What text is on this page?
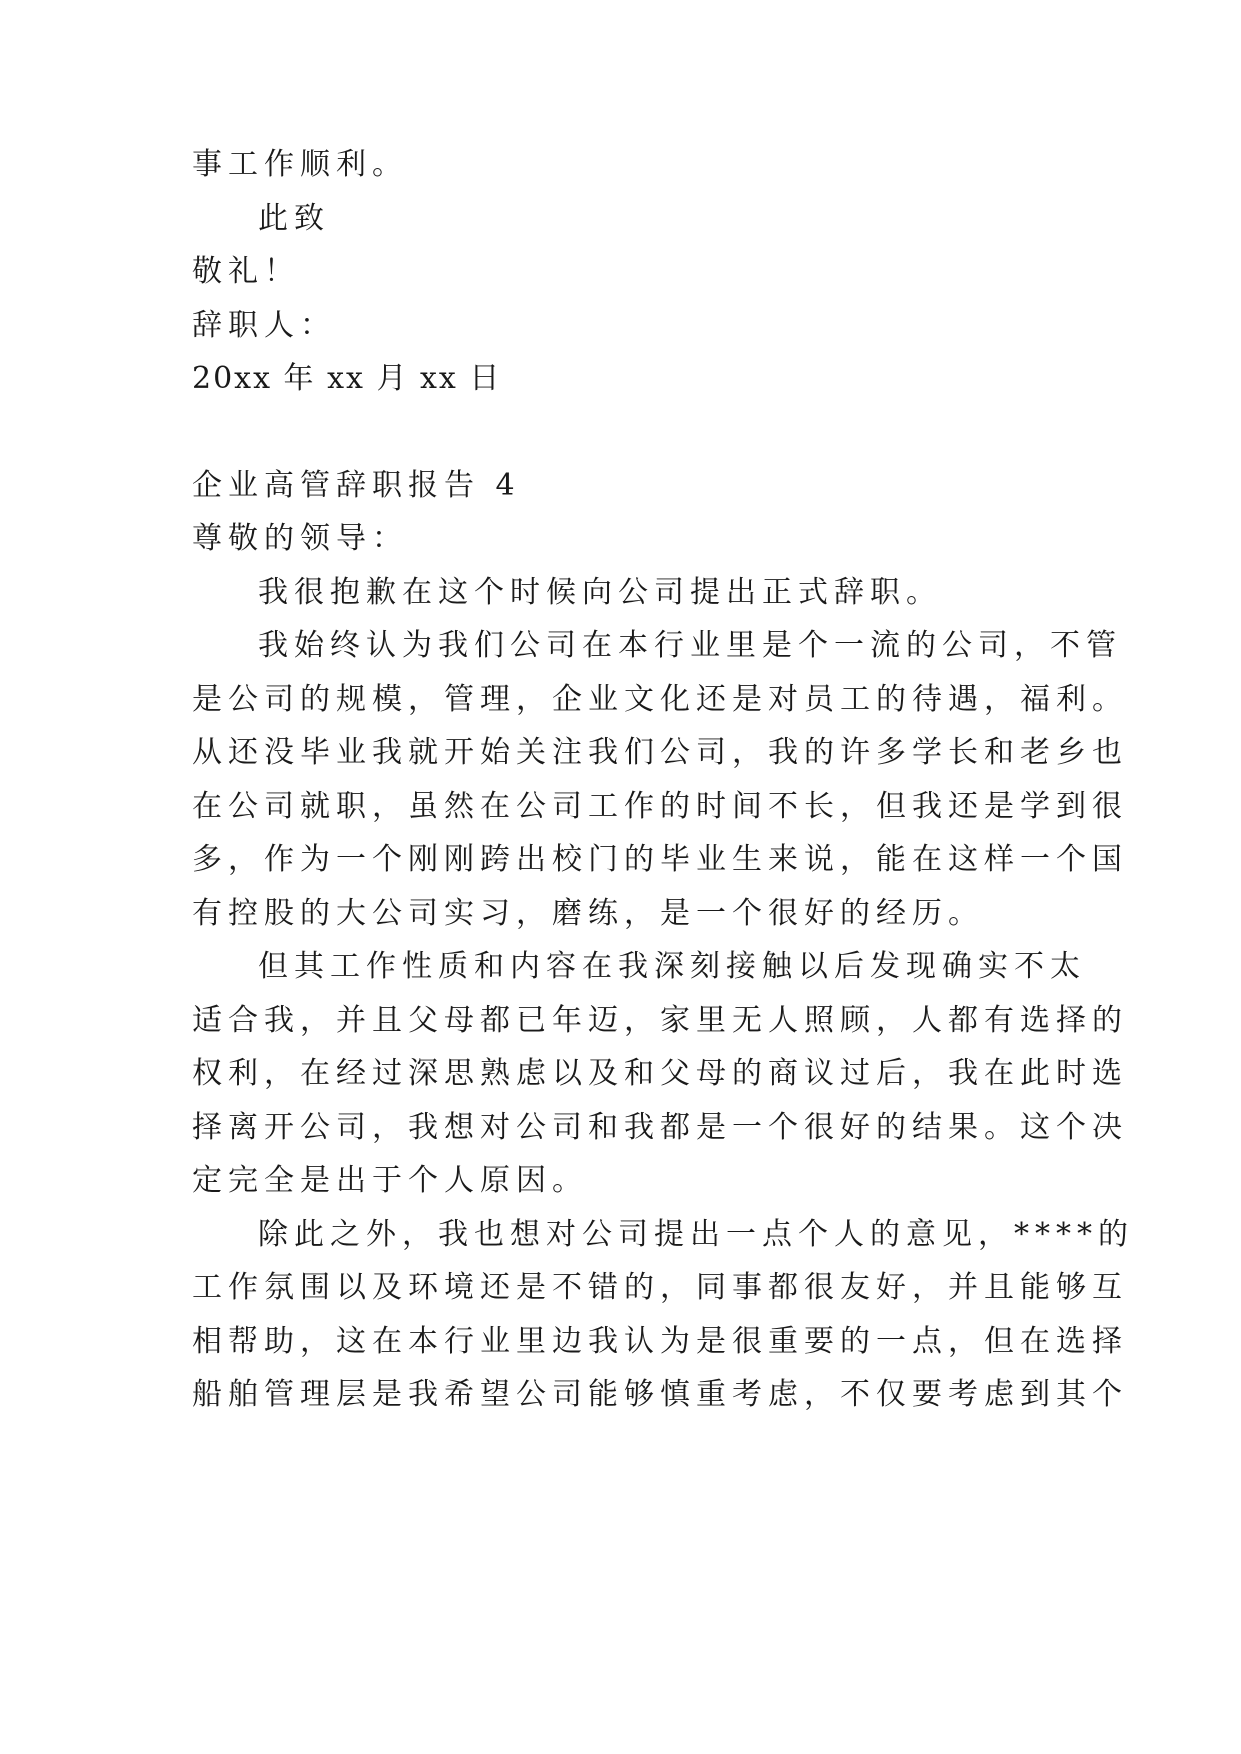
事工作顺利。
此致
敬礼！
辞职人：
20xx 年 xx 月 xx 日
企业高管辞职报告 4
尊敬的领导：
我很抱歉在这个时候向公司提出正式辞职。
我始终认为我们公司在本行业里是个一流的公司，不管
是公司的规模，管理，企业文化还是对员工的待遇，福利。
从还没毕业我就开始关注我们公司，我的许多学长和老乡也
在公司就职，虽然在公司工作的时间不长，但我还是学到很
多，作为一个刚刚跨出校门的毕业生来说，能在这样一个国
有控股的大公司实习，磨练，是一个很好的经历。
但其工作性质和内容在我深刻接触以后发现确实不太
适合我，并且父母都已年迈，家里无人照顾，人都有选择的
权利，在经过深思熟虑以及和父母的商议过后，我在此时选
择离开公司，我想对公司和我都是一个很好的结果。这个决
定完全是出于个人原因。
除此之外，我也想对公司提出一点个人的意见，****的
工作氛围以及环境还是不错的，同事都很友好，并且能够互
相帮助，这在本行业里边我认为是很重要的一点，但在选择
船舶管理层是我希望公司能够慎重考虑，不仅要考虑到其个
